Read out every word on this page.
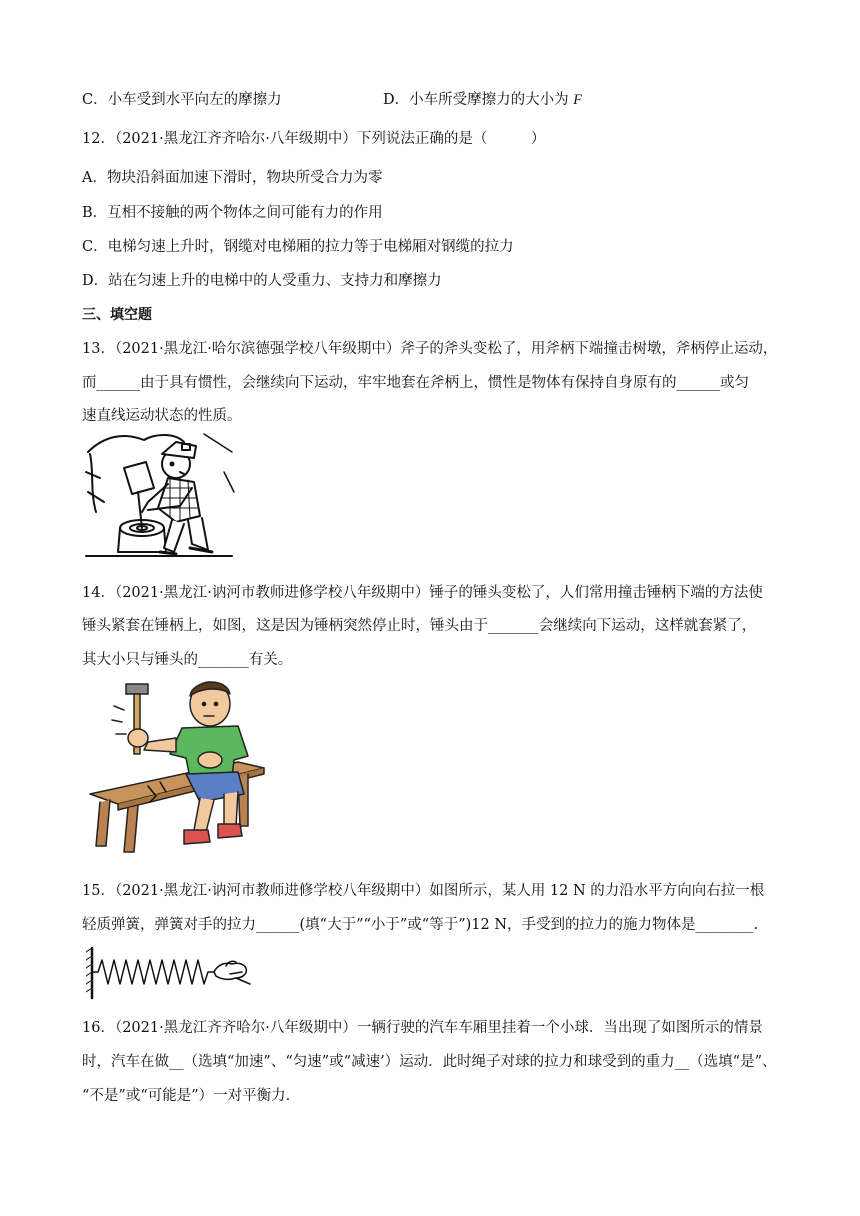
C．小车受到水平向左的摩擦力	D．小车所受摩擦力的大小为 F
12．（2021·黑龙江齐齐哈尔·八年级期中）下列说法正确的是（　　　）
A．物块沿斜面加速下滑时，物块所受合力为零
B．互相不接触的两个物体之间可能有力的作用
C．电梯匀速上升时，钢缆对电梯厢的拉力等于电梯厢对钢缆的拉力
D．站在匀速上升的电梯中的人受重力、支持力和摩擦力
三、填空题
13．（2021·黑龙江·哈尔滨德强学校八年级期中）斧子的斧头变松了，用斧柄下端撞击树墩，斧柄停止运动，
而______由于具有惯性，会继续向下运动，牢牢地套在斧柄上，惯性是物体有保持自身原有的______或匀
速直线运动状态的性质。
14．（2021·黑龙江·讷河市教师进修学校八年级期中）锤子的锤头变松了，人们常用撞击锤柄下端的方法使
锤头紧套在锤柄上，如图，这是因为锤柄突然停止时，锤头由于_______会继续向下运动，这样就套紧了，
其大小只与锤头的_______有关。
15．（2021·黑龙江·讷河市教师进修学校八年级期中）如图所示，某人用 12 N 的力沿水平方向向右拉一根
轻质弹簧，弹簧对手的拉力______(填“大于”“小于”或“等于”)12 N，手受到的拉力的施力物体是________.
16．（2021·黑龙江齐齐哈尔·八年级期中）一辆行驶的汽车车厢里挂着一个小球．当出现了如图所示的情景
时，汽车在做__（选填“加速”、“匀速”或“减速’）运动．此时绳子对球的拉力和球受到的重力__（选填“是”、
“不是”或“可能是”）一对平衡力.
